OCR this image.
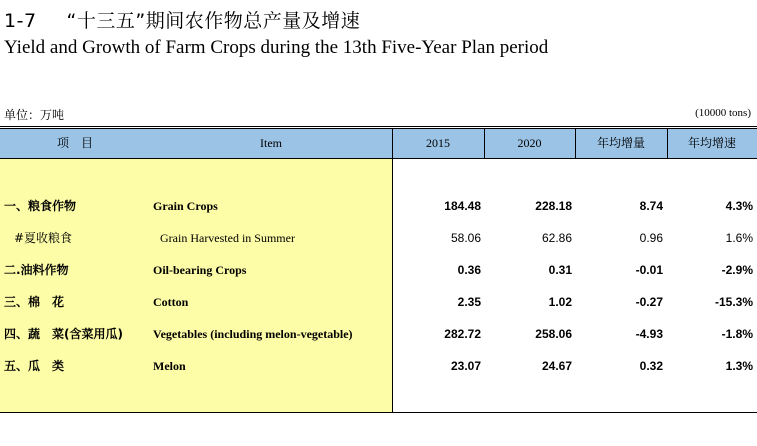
1-7 “十三五”期间农作物总产量及增速
Yield and Growth of Farm Crops during the 13th Five-Year Plan period
单位：万吨	(10000 tons)
项　目	Item	2015	2020	年均增量	年均增速
一、粮食作物	Grain Crops	184.48	228.18	8.74	4.3%
#夏收粮食	Grain Harvested in Summer	58.06	62.86	0.96	1.6%
二.油料作物	Oil-bearing Crops	0.36	0.31	-0.01	-2.9%
三、棉　花	Cotton	2.35	1.02	-0.27	-15.3%
四、蔬　菜(含菜用瓜)	Vegetables (including melon-vegetable)	282.72	258.06	-4.93	-1.8%
五、瓜　类	Melon	23.07	24.67	0.32	1.3%
